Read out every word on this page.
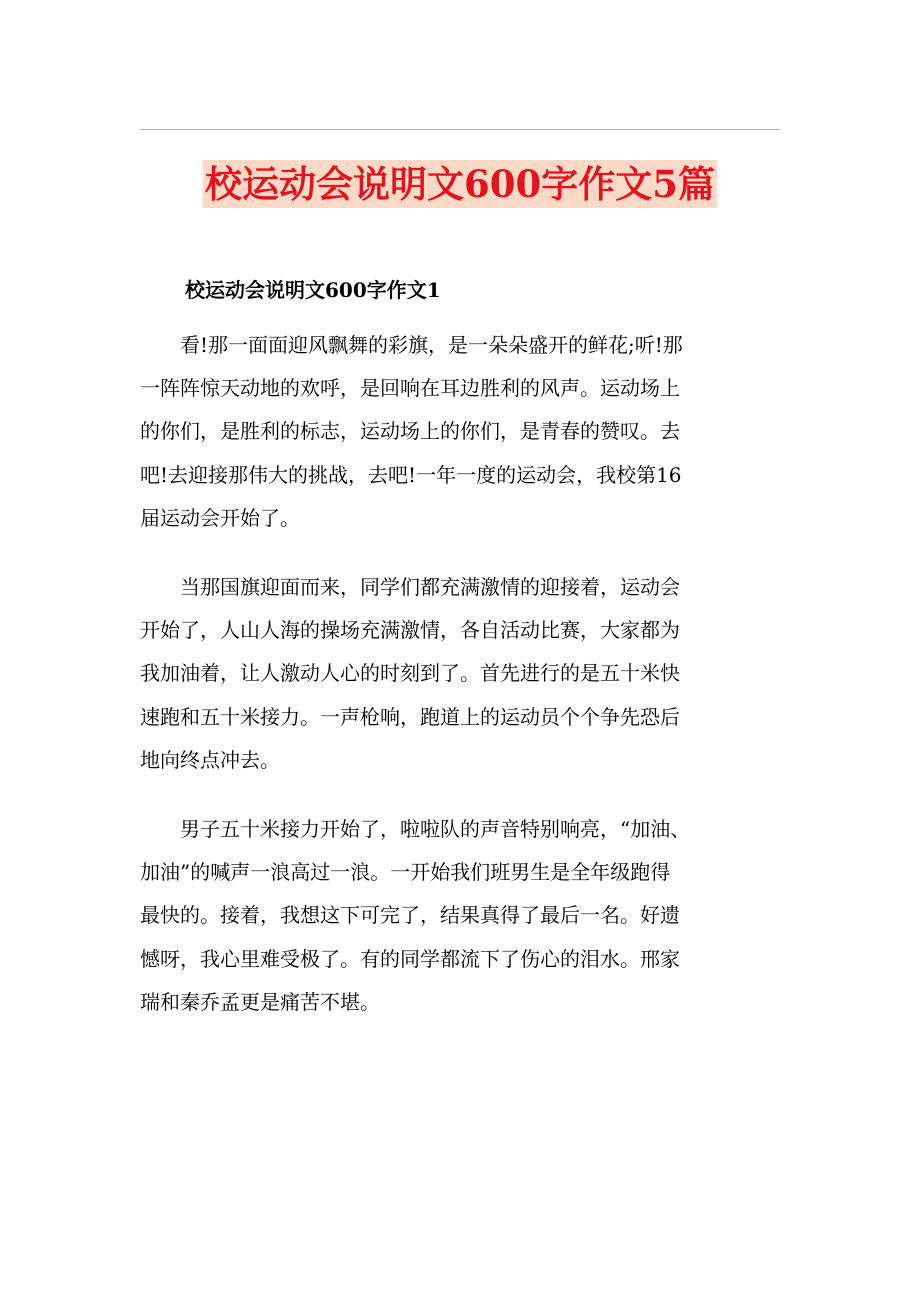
校运动会说明文600字作文5篇
校运动会说明文600字作文1
看!那一面面迎风飘舞的彩旗，是一朵朵盛开的鲜花;听!那
一阵阵惊天动地的欢呼，是回响在耳边胜利的风声。运动场上
的你们，是胜利的标志，运动场上的你们，是青春的赞叹。去
吧!去迎接那伟大的挑战，去吧!一年一度的运动会，我校第16
届运动会开始了。
当那国旗迎面而来，同学们都充满激情的迎接着，运动会
开始了，人山人海的操场充满激情，各自活动比赛，大家都为
我加油着，让人激动人心的时刻到了。首先进行的是五十米快
速跑和五十米接力。一声枪响，跑道上的运动员个个争先恐后
地向终点冲去。
男子五十米接力开始了，啦啦队的声音特别响亮，“加油、
加油”的喊声一浪高过一浪。一开始我们班男生是全年级跑得
最快的。接着，我想这下可完了，结果真得了最后一名。好遗
憾呀，我心里难受极了。有的同学都流下了伤心的泪水。邢家
瑞和秦乔孟更是痛苦不堪。
